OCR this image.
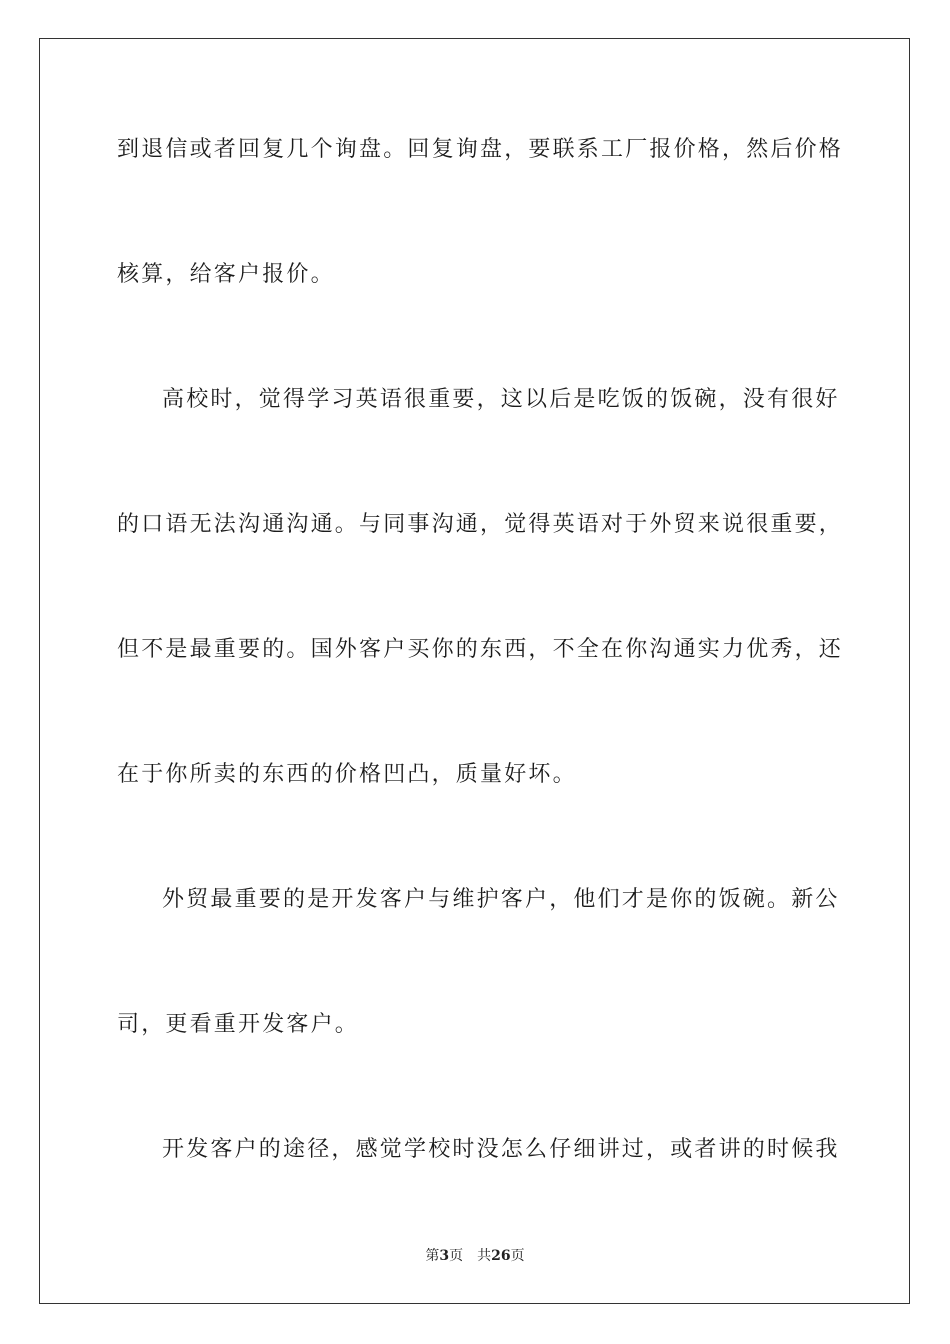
到退信或者回复几个询盘。回复询盘，要联系工厂报价格，然后价格
核算，给客户报价。
高校时，觉得学习英语很重要，这以后是吃饭的饭碗，没有很好
的口语无法沟通沟通。与同事沟通，觉得英语对于外贸来说很重要，
但不是最重要的。国外客户买你的东西，不全在你沟通实力优秀，还
在于你所卖的东西的价格凹凸，质量好坏。
外贸最重要的是开发客户与维护客户，他们才是你的饭碗。新公
司，更看重开发客户。
开发客户的途径，感觉学校时没怎么仔细讲过，或者讲的时候我
第3页 共26页
